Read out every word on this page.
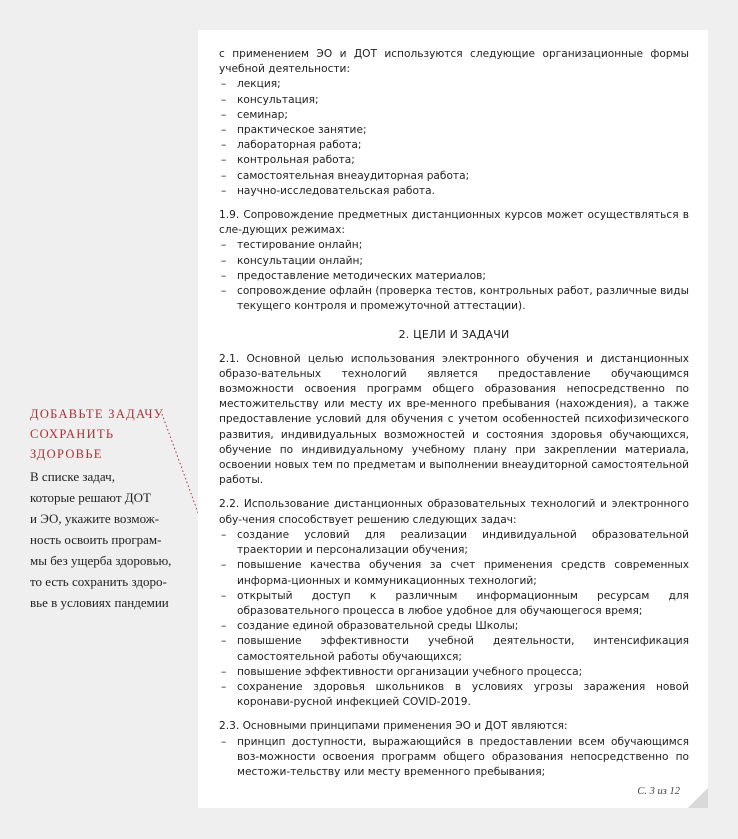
ДОБАВЬТЕ ЗАДАЧУ
СОХРАНИТЬ
ЗДОРОВЬЕ
В списке задач,
которые решают ДОТ
и ЭО, укажите возмож-
ность освоить програм-
мы без ущерба здоровью,
то есть сохранить здоро-
вье в условиях пандемии

с применением ЭО и ДОТ используются следующие организационные формы учебной деятельности:

– лекция;
– консультация;
– семинар;
– практическое занятие;
– лабораторная работа;
– контрольная работа;
– самостоятельная внеаудиторная работа;
– научно-исследовательская работа.

1.9. Сопровождение предметных дистанционных курсов может осуществляться в сле-дующих режимах:

– тестирование онлайн;
– консультации онлайн;
– предоставление методических материалов;
– сопровождение офлайн (проверка тестов, контрольных работ, различные виды текущего контроля и промежуточной аттестации).
2. ЦЕЛИ И ЗАДАЧИ

2.1. Основной целью использования электронного обучения и дистанционных образо-вательных технологий является предоставление обучающимся возможности освоения программ общего образования непосредственно по местожительству или месту их вре-менного пребывания (нахождения), а также предоставление условий для обучения с учетом особенностей психофизического развития, индивидуальных возможностей и состояния здоровья обучающихся, обучение по индивидуальному учебному плану при закреплении материала, освоении новых тем по предметам и выполнении внеаудиторной самостоятельной работы.

2.2. Использование дистанционных образовательных технологий и электронного обу-чения способствует решению следующих задач:

– создание условий для реализации индивидуальной образовательной траектории и персонализации обучения;
– повышение качества обучения за счет применения средств современных информа-ционных и коммуникационных технологий;
– открытый доступ к различным информационным ресурсам для образовательного процесса в любое удобное для обучающегося время;
– создание единой образовательной среды Школы;
– повышение эффективности учебной деятельности, интенсификация самостоятельной работы обучающихся;
– повышение эффективности организации учебного процесса;
– сохранение здоровья школьников в условиях угрозы заражения новой коронави-русной инфекцией COVID-2019.

2.3. Основными принципами применения ЭО и ДОТ являются:

– принцип доступности, выражающийся в предоставлении всем обучающимся воз-можности освоения программ общего образования непосредственно по местожи-тельству или месту временного пребывания;
С. 3 из 12
